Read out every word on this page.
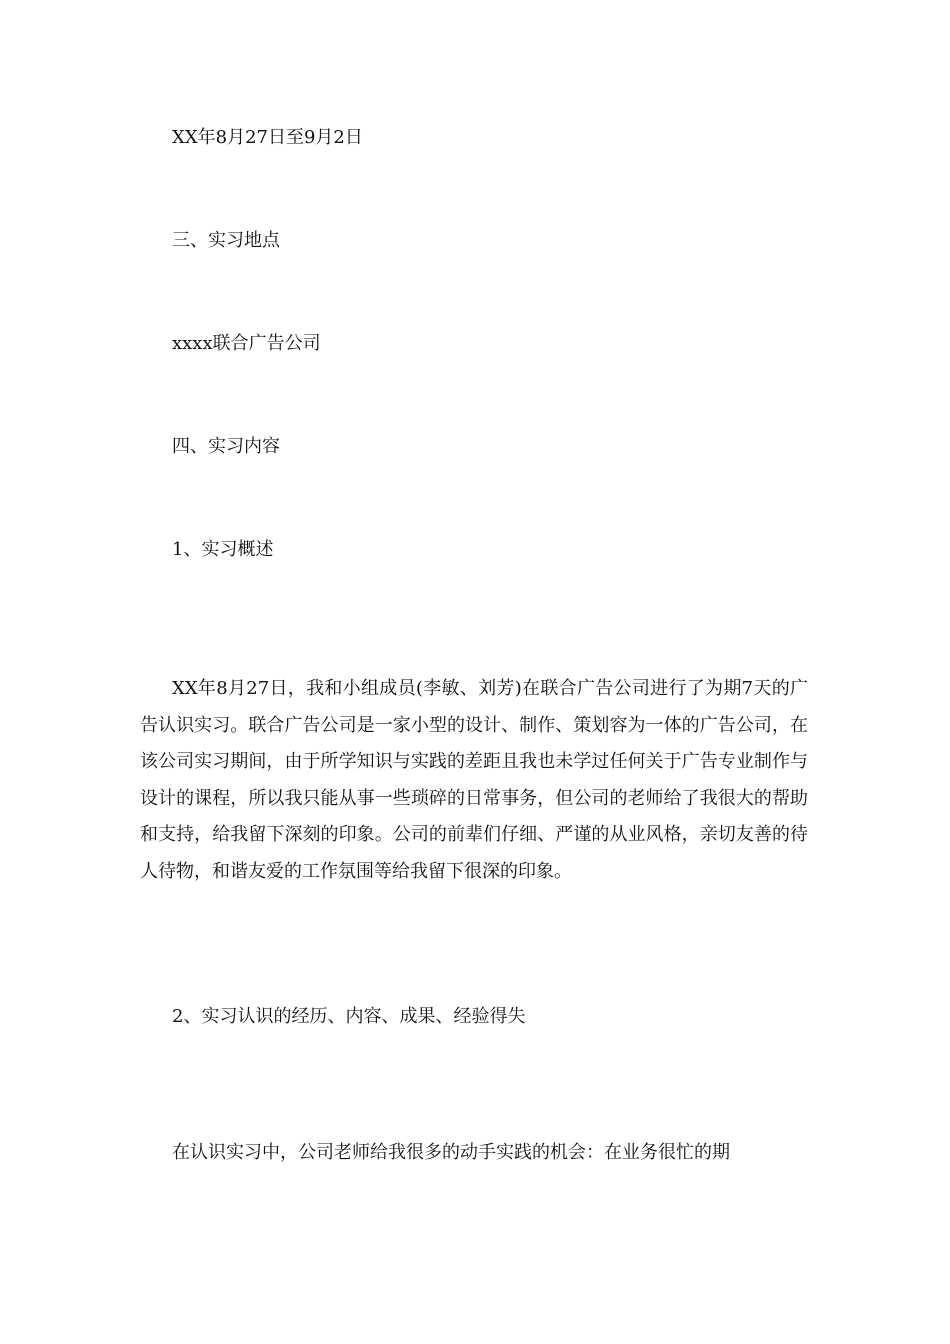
XX年8月27日至9月2日
三、实习地点
xxxx联合广告公司
四、实习内容
1、实习概述

XX年8月27日，我和小组成员(李敏、刘芳)在联合广告公司进行了为期7天的广告认识实习。联合广告公司是一家小型的设计、制作、策划容为一体的广告公司，在该公司实习期间，由于所学知识与实践的差距且我也未学过任何关于广告专业制作与设计的课程，所以我只能从事一些琐碎的日常事务，但公司的老师给了我很大的帮助和支持，给我留下深刻的印象。公司的前辈们仔细、严谨的从业风格，亲切友善的待人待物，和谐友爱的工作氛围等给我留下很深的印象。

2、实习认识的经历、内容、成果、经验得失
在认识实习中，公司老师给我很多的动手实践的机会：在业务很忙的期
